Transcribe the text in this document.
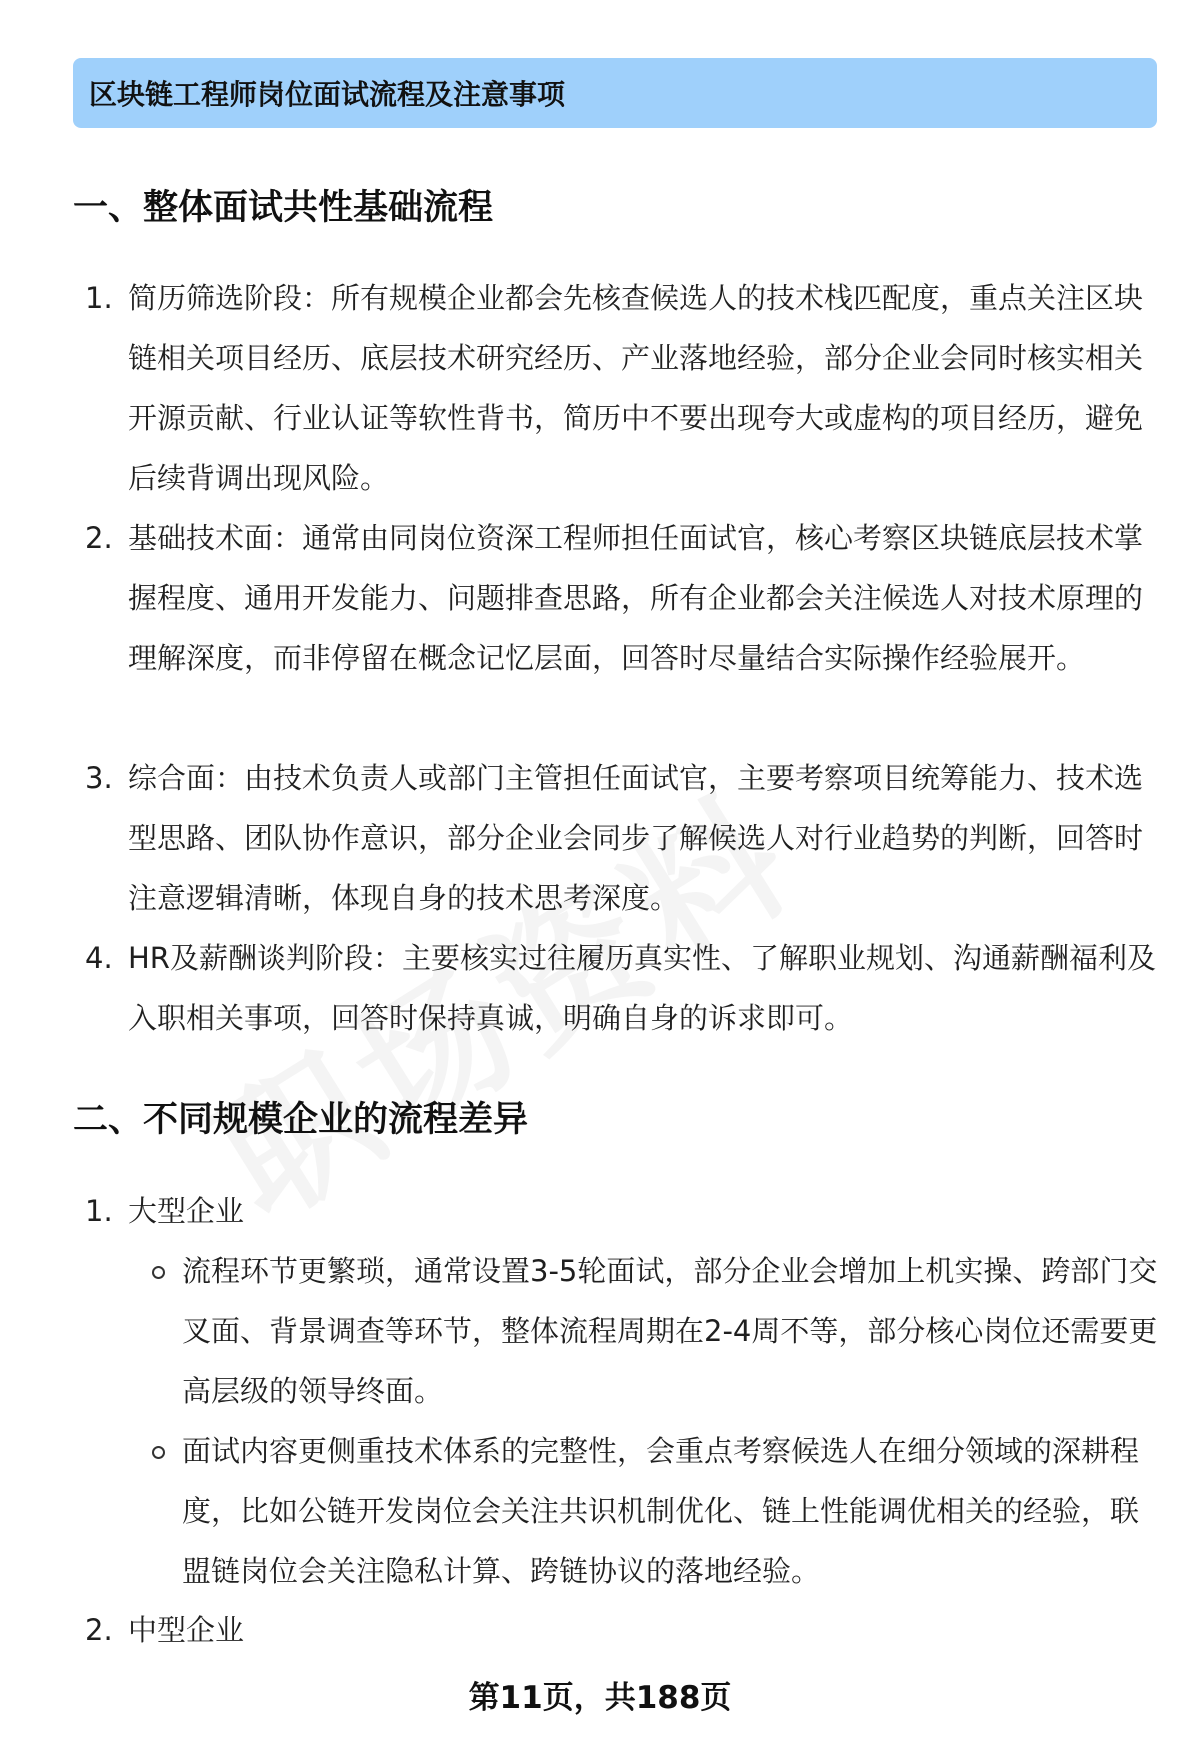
区块链工程师岗位面试流程及注意事项
一、整体面试共性基础流程
1. 简历筛选阶段：所有规模企业都会先核查候选人的技术栈匹配度，重点关注区块链相关项目经历、底层技术研究经历、产业落地经验，部分企业会同时核实相关开源贡献、行业认证等软性背书，简历中不要出现夸大或虚构的项目经历，避免后续背调出现风险。
2. 基础技术面：通常由同岗位资深工程师担任面试官，核心考察区块链底层技术掌握程度、通用开发能力、问题排查思路，所有企业都会关注候选人对技术原理的理解深度，而非停留在概念记忆层面，回答时尽量结合实际操作经验展开。
3. 综合面：由技术负责人或部门主管担任面试官，主要考察项目统筹能力、技术选型思路、团队协作意识，部分企业会同步了解候选人对行业趋势的判断，回答时注意逻辑清晰，体现自身的技术思考深度。
4. HR及薪酬谈判阶段：主要核实过往履历真实性、了解职业规划、沟通薪酬福利及入职相关事项，回答时保持真诚，明确自身的诉求即可。
二、不同规模企业的流程差异
1. 大型企业
流程环节更繁琐，通常设置3-5轮面试，部分企业会增加上机实操、跨部门交叉面、背景调查等环节，整体流程周期在2-4周不等，部分核心岗位还需要更高层级的领导终面。
面试内容更侧重技术体系的完整性，会重点考察候选人在细分领域的深耕程度，比如公链开发岗位会关注共识机制优化、链上性能调优相关的经验，联盟链岗位会关注隐私计算、跨链协议的落地经验。
2. 中型企业
第11页，共188页
